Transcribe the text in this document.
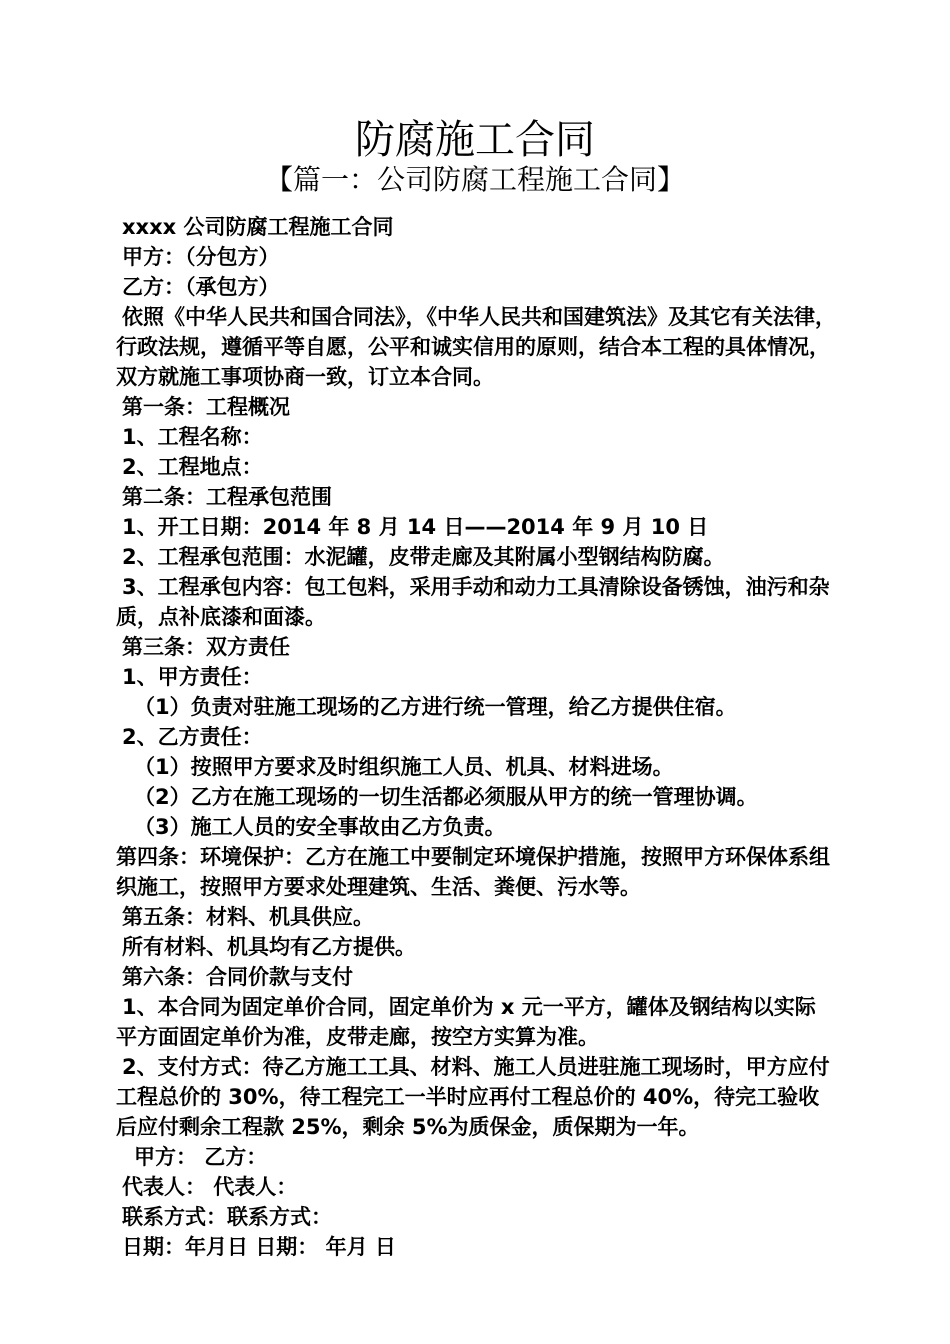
防腐施工合同
【篇一：公司防腐工程施工合同】
xxxx 公司防腐工程施工合同
甲方：（分包方）
乙方：（承包方）
依照《中华人民共和国合同法》，《中华人民共和国建筑法》及其它有关法律，行政法规，遵循平等自愿，公平和诚实信用的原则，结合本工程的具体情况，双方就施工事项协商一致，订立本合同。
第一条：工程概况
1、工程名称：
2、工程地点：
第二条：工程承包范围
1、开工日期：2014 年 8 月 14 日——2014 年 9 月 10 日
2、工程承包范围：水泥罐，皮带走廊及其附属小型钢结构防腐。
3、工程承包内容：包工包料，采用手动和动力工具清除设备锈蚀，油污和杂质，点补底漆和面漆。
第三条：双方责任
1、甲方责任：
（1）负责对驻施工现场的乙方进行统一管理，给乙方提供住宿。
2、乙方责任：
（1）按照甲方要求及时组织施工人员、机具、材料进场。
（2）乙方在施工现场的一切生活都必须服从甲方的统一管理协调。
（3）施工人员的安全事故由乙方负责。
第四条：环境保护：乙方在施工中要制定环境保护措施，按照甲方环保体系组织施工，按照甲方要求处理建筑、生活、粪便、污水等。
第五条：材料、机具供应。
所有材料、机具均有乙方提供。
第六条：合同价款与支付
1、本合同为固定单价合同，固定单价为 x 元一平方，罐体及钢结构以实际平方面固定单价为准，皮带走廊，按空方实算为准。
2、支付方式：待乙方施工工具、材料、施工人员进驻施工现场时，甲方应付工程总价的 30%，待工程完工一半时应再付工程总价的 40%，待完工验收后应付剩余工程款 25%，剩余 5%为质保金，质保期为一年。
甲方： 乙方：
代表人： 代表人：
联系方式：联系方式：
日期：年月日 日期： 年月 日
